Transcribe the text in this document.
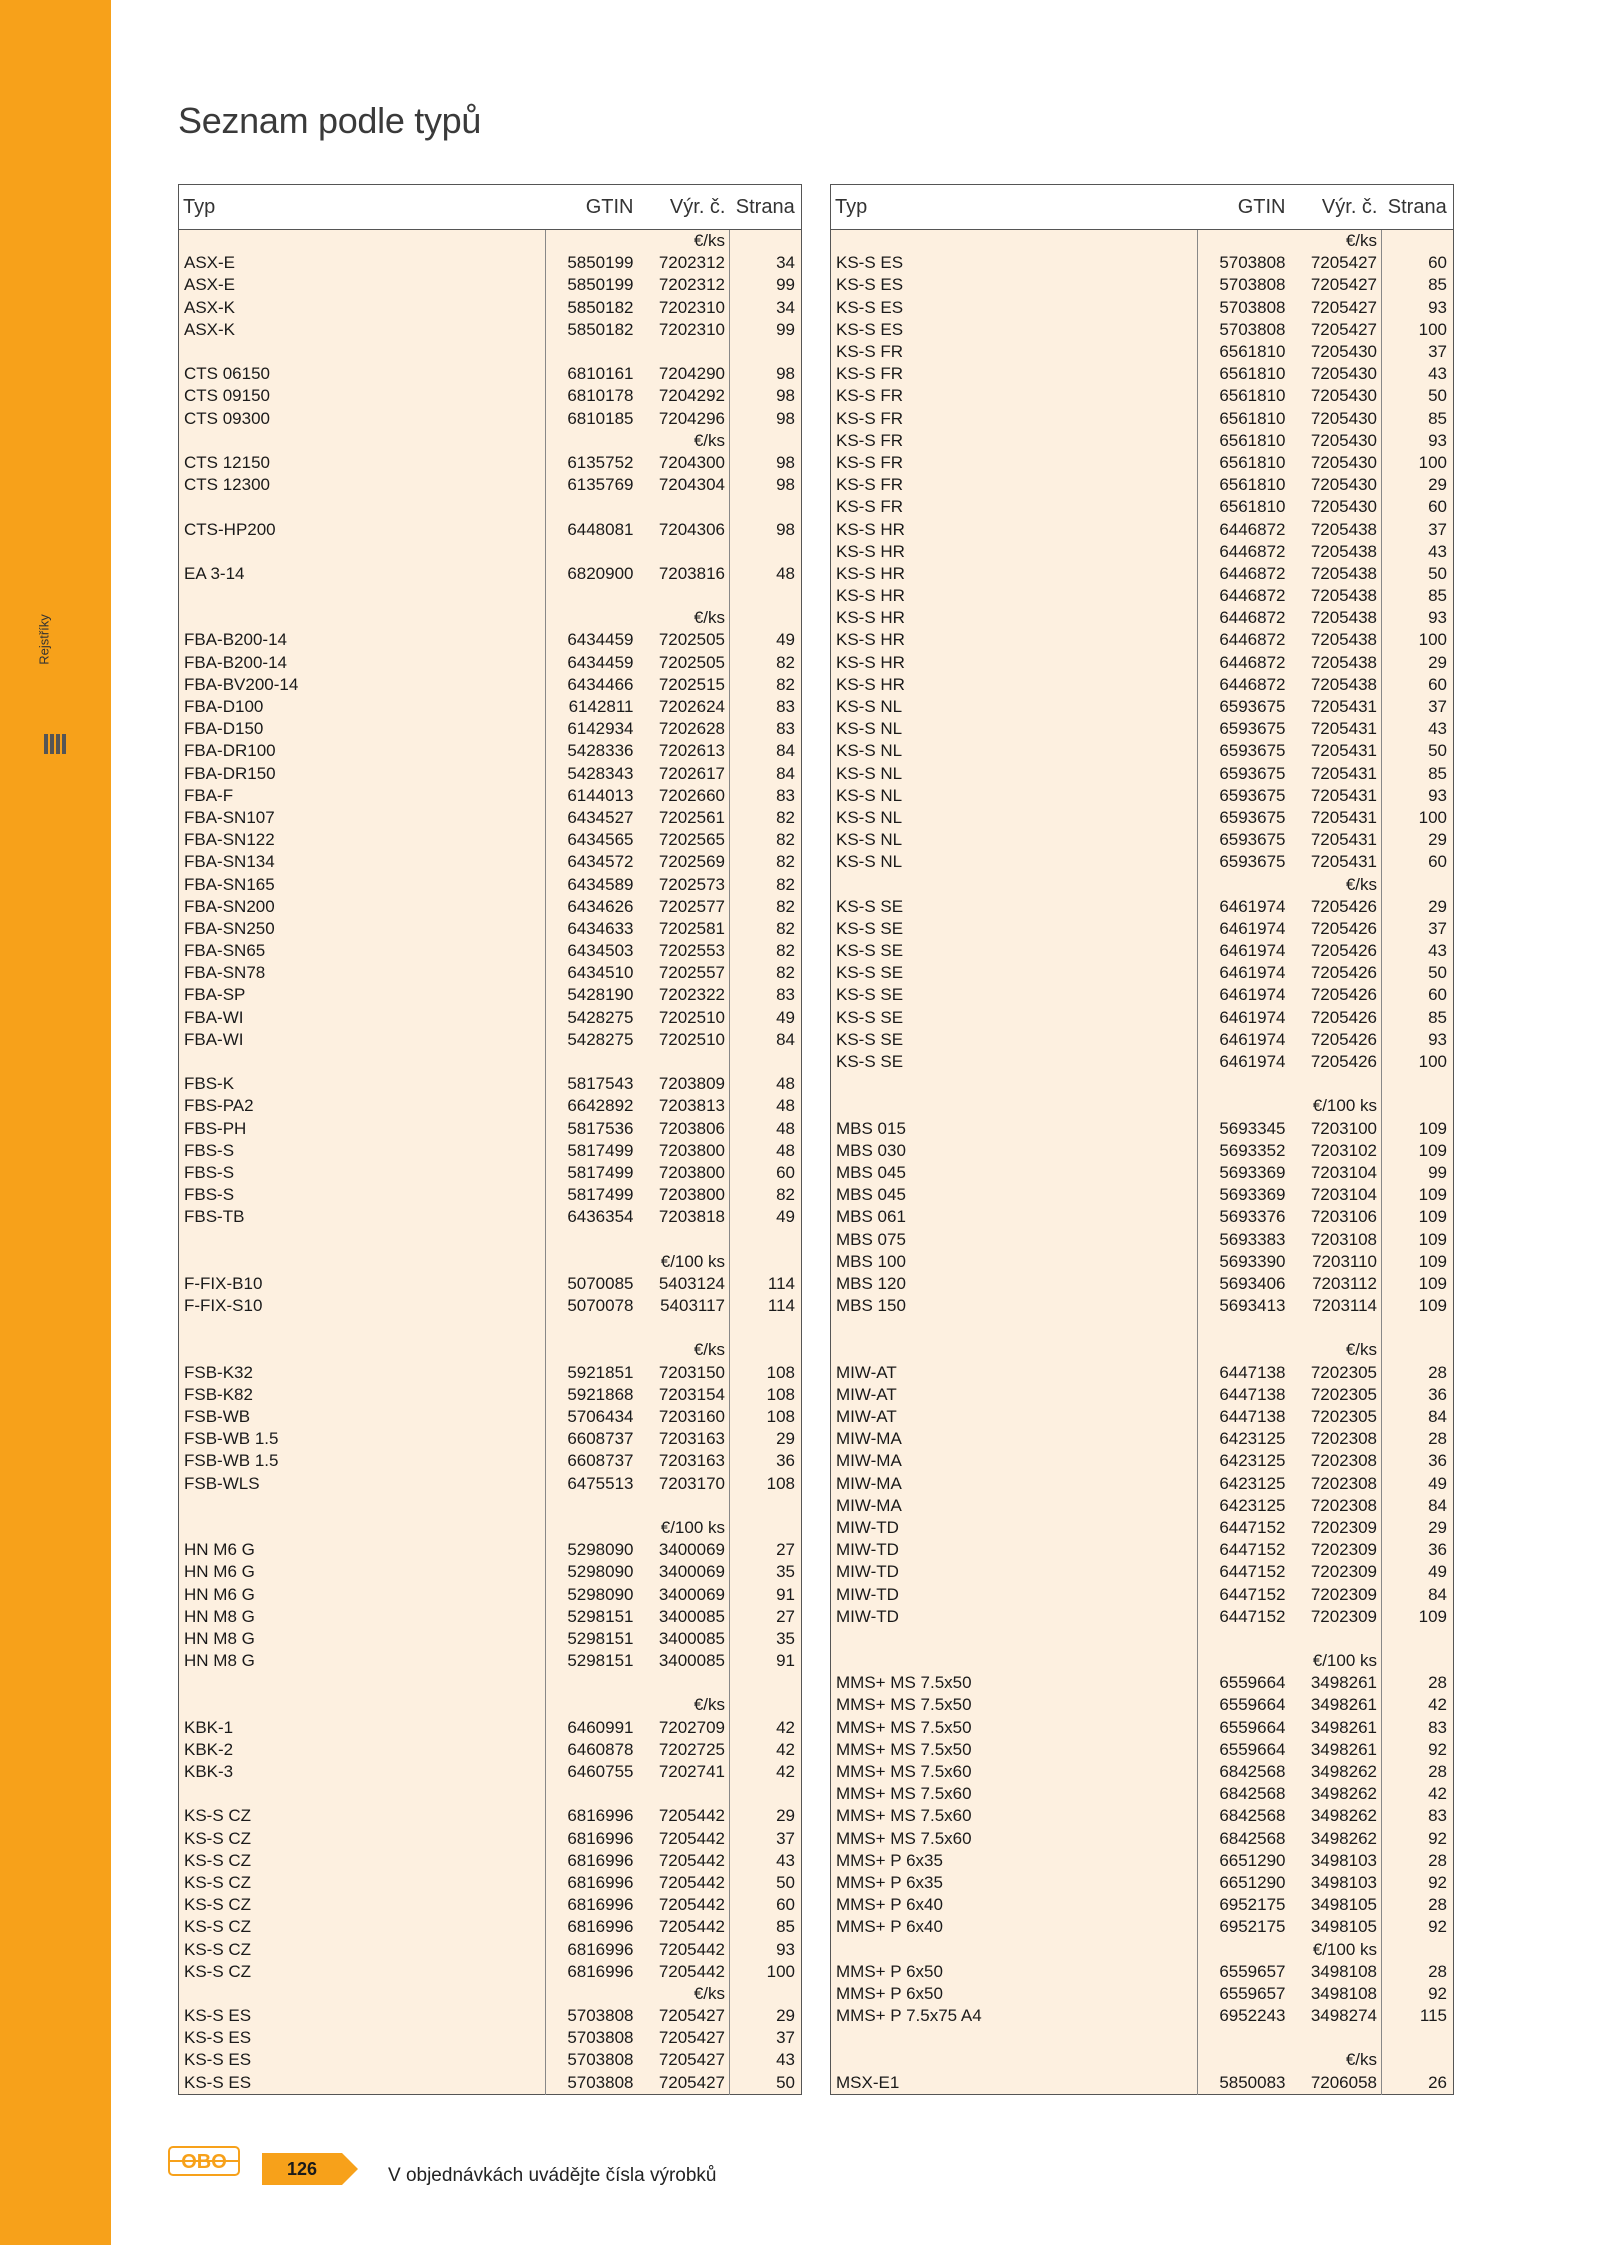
Rejstříky
Seznam podle typů
Typ	GTIN	Výr. č.	Strana
		€/ks	
ASX-E	5850199	7202312	34
ASX-E	5850199	7202312	99
ASX-K	5850182	7202310	34
ASX-K	5850182	7202310	99

CTS 06150	6810161	7204290	98
CTS 09150	6810178	7204292	98
CTS 09300	6810185	7204296	98
		€/ks	
CTS 12150	6135752	7204300	98
CTS 12300	6135769	7204304	98

CTS-HP200	6448081	7204306	98

EA 3-14	6820900	7203816	48

		€/ks	
FBA-B200-14	6434459	7202505	49
FBA-B200-14	6434459	7202505	82
FBA-BV200-14	6434466	7202515	82
FBA-D100	6142811	7202624	83
FBA-D150	6142934	7202628	83
FBA-DR100	5428336	7202613	84
FBA-DR150	5428343	7202617	84
FBA-F	6144013	7202660	83
FBA-SN107	6434527	7202561	82
FBA-SN122	6434565	7202565	82
FBA-SN134	6434572	7202569	82
FBA-SN165	6434589	7202573	82
FBA-SN200	6434626	7202577	82
FBA-SN250	6434633	7202581	82
FBA-SN65	6434503	7202553	82
FBA-SN78	6434510	7202557	82
FBA-SP	5428190	7202322	83
FBA-WI	5428275	7202510	49
FBA-WI	5428275	7202510	84

FBS-K	5817543	7203809	48
FBS-PA2	6642892	7203813	48
FBS-PH	5817536	7203806	48
FBS-S	5817499	7203800	48
FBS-S	5817499	7203800	60
FBS-S	5817499	7203800	82
FBS-TB	6436354	7203818	49

		€/100 ks	
F-FIX-B10	5070085	5403124	114
F-FIX-S10	5070078	5403117	114

		€/ks	
FSB-K32	5921851	7203150	108
FSB-K82	5921868	7203154	108
FSB-WB	5706434	7203160	108
FSB-WB 1.5	6608737	7203163	29
FSB-WB 1.5	6608737	7203163	36
FSB-WLS	6475513	7203170	108

		€/100 ks	
HN M6 G	5298090	3400069	27
HN M6 G	5298090	3400069	35
HN M6 G	5298090	3400069	91
HN M8 G	5298151	3400085	27
HN M8 G	5298151	3400085	35
HN M8 G	5298151	3400085	91

		€/ks	
KBK-1	6460991	7202709	42
KBK-2	6460878	7202725	42
KBK-3	6460755	7202741	42

KS-S CZ	6816996	7205442	29
KS-S CZ	6816996	7205442	37
KS-S CZ	6816996	7205442	43
KS-S CZ	6816996	7205442	50
KS-S CZ	6816996	7205442	60
KS-S CZ	6816996	7205442	85
KS-S CZ	6816996	7205442	93
KS-S CZ	6816996	7205442	100
		€/ks	
KS-S ES	5703808	7205427	29
KS-S ES	5703808	7205427	37
KS-S ES	5703808	7205427	43
KS-S ES	5703808	7205427	50
Typ	GTIN	Výr. č.	Strana
		€/ks	
KS-S ES	5703808	7205427	60
KS-S ES	5703808	7205427	85
KS-S ES	5703808	7205427	93
KS-S ES	5703808	7205427	100
KS-S FR	6561810	7205430	37
KS-S FR	6561810	7205430	43
KS-S FR	6561810	7205430	50
KS-S FR	6561810	7205430	85
KS-S FR	6561810	7205430	93
KS-S FR	6561810	7205430	100
KS-S FR	6561810	7205430	29
KS-S FR	6561810	7205430	60
KS-S HR	6446872	7205438	37
KS-S HR	6446872	7205438	43
KS-S HR	6446872	7205438	50
KS-S HR	6446872	7205438	85
KS-S HR	6446872	7205438	93
KS-S HR	6446872	7205438	100
KS-S HR	6446872	7205438	29
KS-S HR	6446872	7205438	60
KS-S NL	6593675	7205431	37
KS-S NL	6593675	7205431	43
KS-S NL	6593675	7205431	50
KS-S NL	6593675	7205431	85
KS-S NL	6593675	7205431	93
KS-S NL	6593675	7205431	100
KS-S NL	6593675	7205431	29
KS-S NL	6593675	7205431	60
		€/ks	
KS-S SE	6461974	7205426	29
KS-S SE	6461974	7205426	37
KS-S SE	6461974	7205426	43
KS-S SE	6461974	7205426	50
KS-S SE	6461974	7205426	60
KS-S SE	6461974	7205426	85
KS-S SE	6461974	7205426	93
KS-S SE	6461974	7205426	100

		€/100 ks	
MBS 015	5693345	7203100	109
MBS 030	5693352	7203102	109
MBS 045	5693369	7203104	99
MBS 045	5693369	7203104	109
MBS 061	5693376	7203106	109
MBS 075	5693383	7203108	109
MBS 100	5693390	7203110	109
MBS 120	5693406	7203112	109
MBS 150	5693413	7203114	109

		€/ks	
MIW-AT	6447138	7202305	28
MIW-AT	6447138	7202305	36
MIW-AT	6447138	7202305	84
MIW-MA	6423125	7202308	28
MIW-MA	6423125	7202308	36
MIW-MA	6423125	7202308	49
MIW-MA	6423125	7202308	84
MIW-TD	6447152	7202309	29
MIW-TD	6447152	7202309	36
MIW-TD	6447152	7202309	49
MIW-TD	6447152	7202309	84
MIW-TD	6447152	7202309	109

		€/100 ks	
MMS+ MS 7.5x50	6559664	3498261	28
MMS+ MS 7.5x50	6559664	3498261	42
MMS+ MS 7.5x50	6559664	3498261	83
MMS+ MS 7.5x50	6559664	3498261	92
MMS+ MS 7.5x60	6842568	3498262	28
MMS+ MS 7.5x60	6842568	3498262	42
MMS+ MS 7.5x60	6842568	3498262	83
MMS+ MS 7.5x60	6842568	3498262	92
MMS+ P 6x35	6651290	3498103	28
MMS+ P 6x35	6651290	3498103	92
MMS+ P 6x40	6952175	3498105	28
MMS+ P 6x40	6952175	3498105	92
		€/100 ks	
MMS+ P 6x50	6559657	3498108	28
MMS+ P 6x50	6559657	3498108	92
MMS+ P 7.5x75 A4	6952243	3498274	115

		€/ks	
MSX-E1	5850083	7206058	26
OBO	126	V objednávkách uvádějte čísla výrobků
